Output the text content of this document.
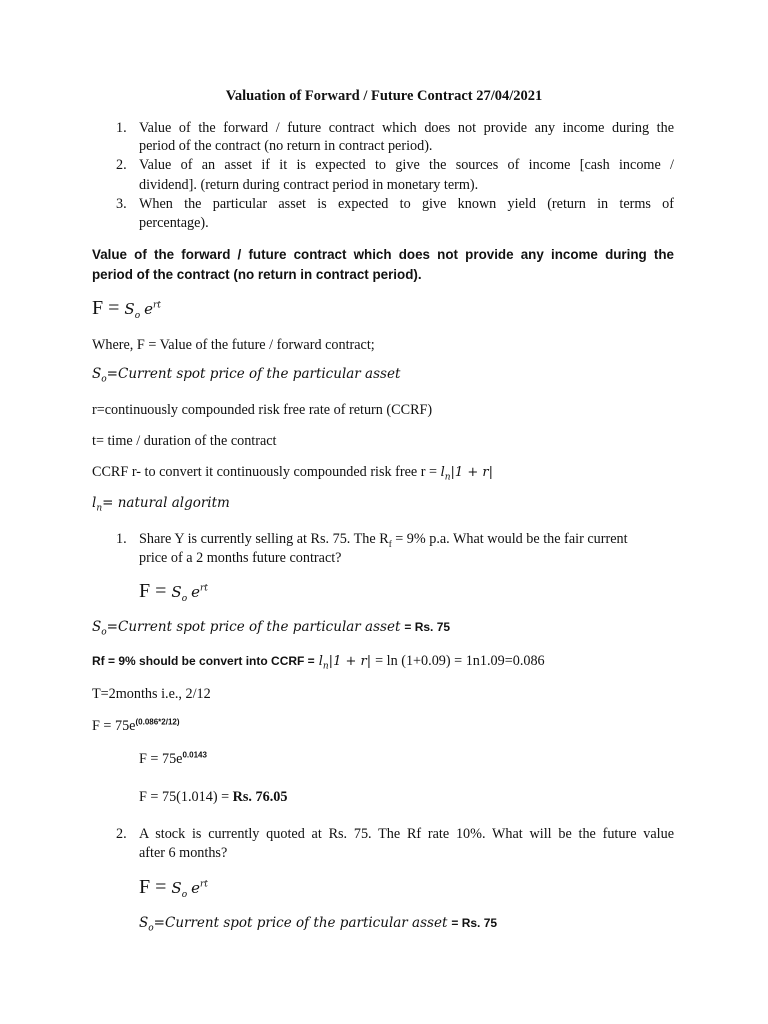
Valuation of Forward / Future Contract 27/04/2021
1. Value of the forward / future contract which does not provide any income during the
period of the contract (no return in contract period).
2. Value of an asset if it is expected to give the sources of income [cash income /
dividend]. (return during contract period in monetary term).
3. When the particular asset is expected to give known yield (return in terms of
percentage).
Value of the forward / future contract which does not provide any income during the
period of the contract (no return in contract period).
$F = S_o$ $e^{rt}$
Where, F = Value of the future / forward contract;
$S_o=Current$ spot price of the particular asset
r=continuously compounded risk free rate of return (CCRF)
t= time / duration of the contract
CCRF r- to convert it continuously compounded risk free $r = l_n|1 + r|$
$l_n=$ natural algoritm
1. Share Y is currently selling at Rs. 75. The $R_f = 9\%$ p.a. What would be the fair current
price of a 2 months future contract?
$F = S_o$ $e^{rt}$
$S_o=Current$ spot price of the particular asset = Rs. 75
Rf = 9% should be convert into CCRF = $l_n|1 + r| = \ln (1+0.09) = 1n1.09=0.086$
T=2months i.e., 2/12
$F = 75e^{(0.086*2/12)}$
$F = 75e^{0.0143}$
F = 75(1.014) = Rs. 76.05
2. A stock is currently quoted at Rs. 75. The Rf rate 10%. What will be the future value
after 6 months?
$F = S_o$ $e^{rt}$
$S_o=Current$ spot price of the particular asset = Rs. 75
